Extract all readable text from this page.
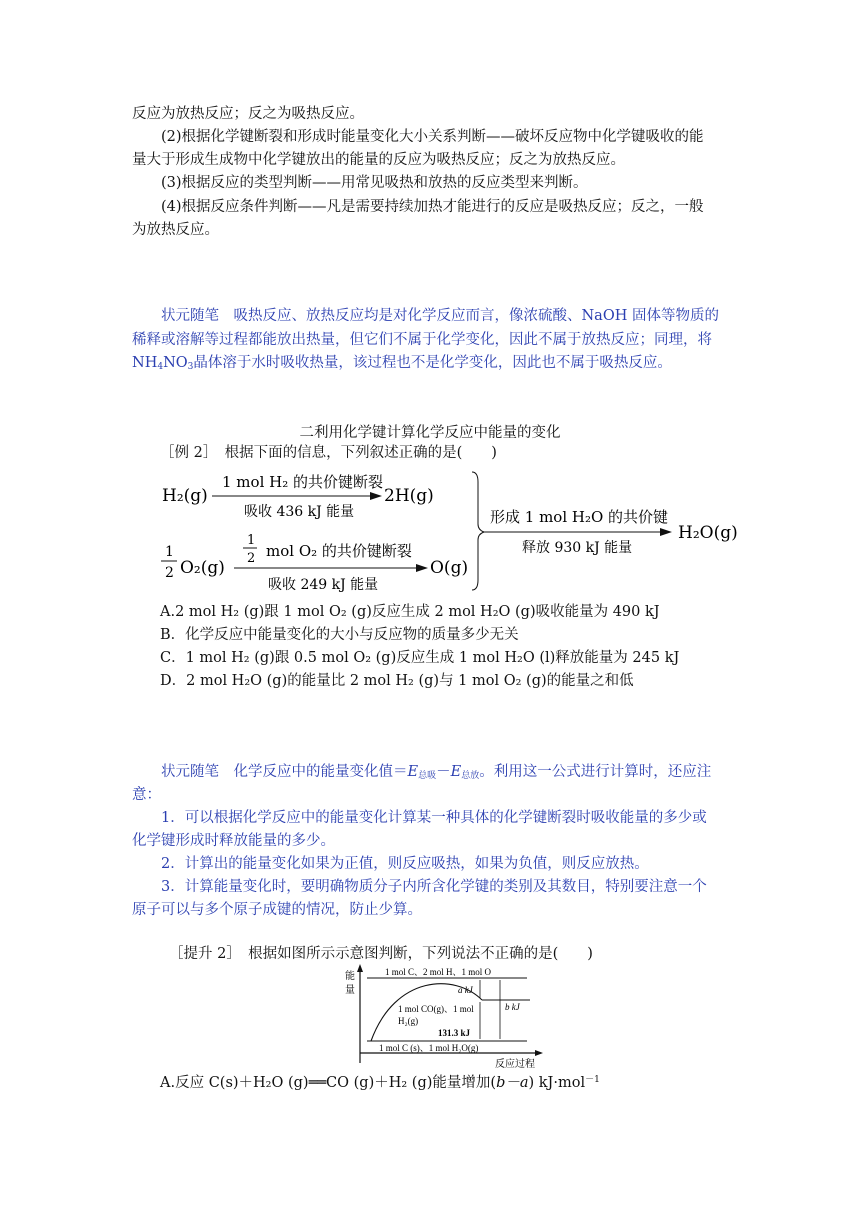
反应为放热反应；反之为吸热反应。

(2)根据化学键断裂和形成时能量变化大小关系判断——破坏反应物中化学键吸收的能

量大于形成生成物中化学键放出的能量的反应为吸热反应；反之为放热反应。

(3)根据反应的类型判断——用常见吸热和放热的反应类型来判断。

(4)根据反应条件判断——凡是需要持续加热才能进行的反应是吸热反应；反之，一般

为放热反应。

状元随笔　吸热反应、放热反应均是对化学反应而言，像浓硫酸、NaOH 固体等物质的

稀释或溶解等过程都能放出热量，但它们不属于化学变化，因此不属于放热反应；同理，将

$NH_4NO_3$晶体溶于水时吸收热量，该过程也不是化学变化，因此也不属于吸热反应。

二利用化学键计算化学反应中能量的变化
［例 2］　根据下面的信息，下列叙述正确的是(　　)
H₂(g)
1 mol H₂ 的共价键断裂
吸收 436 kJ 能量
2H(g)
1
2 O₂(g)
1
2 mol O₂ 的共价键断裂
吸收 249 kJ 能量
O(g)
形成 1 mol H₂O 的共价键
释放 930 kJ 能量
H₂O(g)
A.2 mol H₂ (g)跟 1 mol O₂ (g)反应生成 2 mol H₂O (g)吸收能量为 490 kJ
B．化学反应中能量变化的大小与反应物的质量多少无关
C．1 mol H₂ (g)跟 0.5 mol O₂ (g)反应生成 1 mol H₂O (l)释放能量为 245 kJ
D．2 mol H₂O (g)的能量比 2 mol H₂ (g)与 1 mol O₂ (g)的能量之和低

状元随笔　化学反应中的能量变化值$=E_{总吸}-E_{总放}$。利用这一公式进行计算时，还应注

意：

1．可以根据化学反应中的能量变化计算某一种具体的化学键断裂时吸收能量的多少或

化学键形成时释放能量的多少。

2．计算出的能量变化如果为正值，则反应吸热，如果为负值，则反应放热。

3．计算能量变化时，要明确物质分子内所含化学键的类别及其数目，特别要注意一个

原子可以与多个原子成键的情况，防止少算。

［提升 2］　根据如图所示示意图判断，下列说法不正确的是(　　)
能
量
1 mol C、2 mol H、1 mol O
a kJ
1 mol CO(g)、1 mol
H₂(g)
131.3 kJ
b kJ
1 mol C (s)、1 mol H₂O(g)
反应过程
A.反应 C(s)＋H₂O (g)══CO (g)＋H₂ (g)能量增加(b－a) kJ·mol$^{-1}$
